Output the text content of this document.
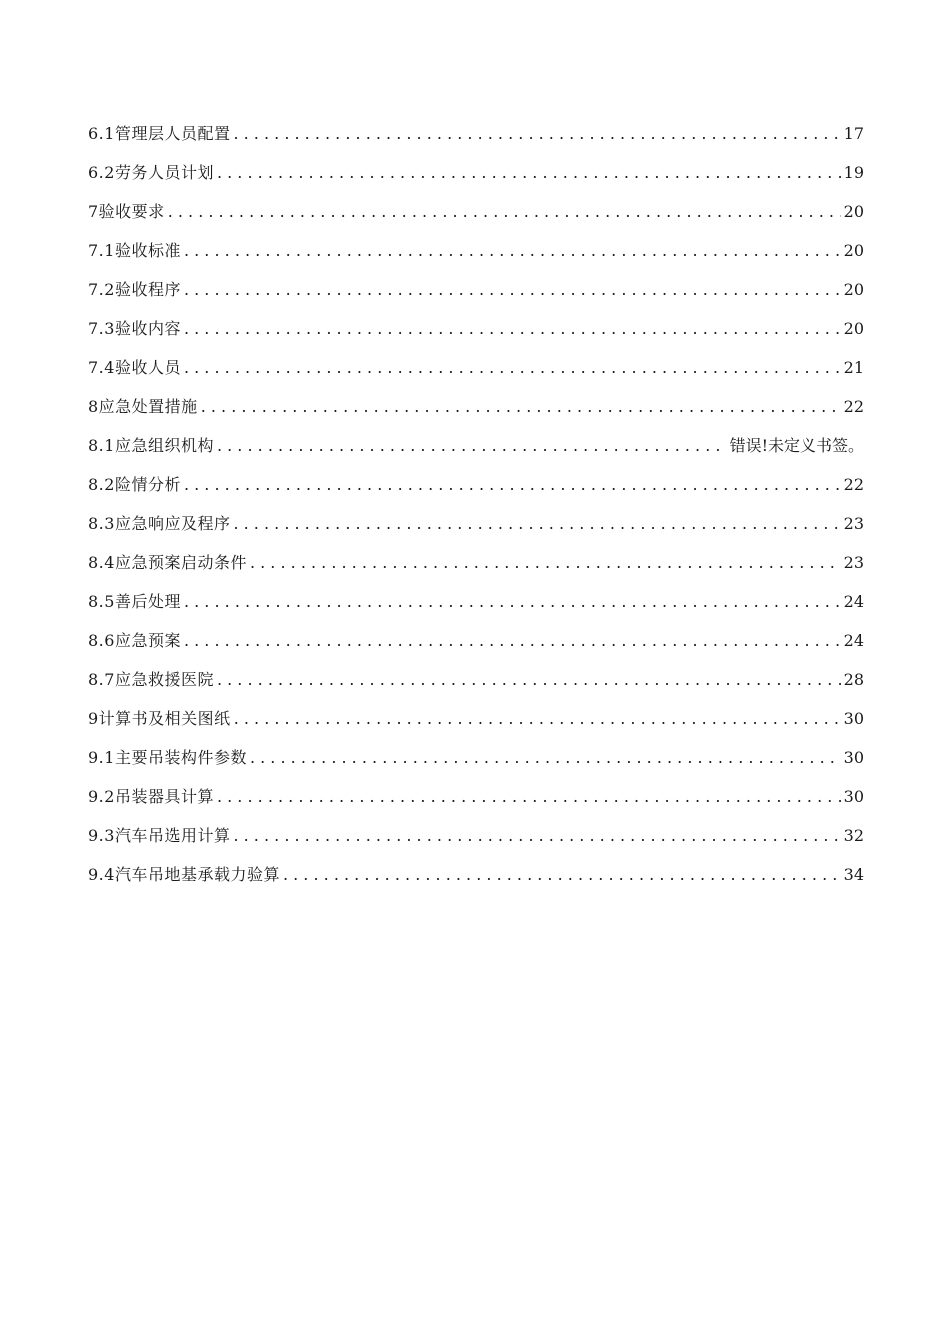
6.1管理层人员配置 . . .	17
6.2劳务人员计划 . . .	19
7验收要求 . . .	20
7.1验收标准 . . .	20
7.2验收程序 . . .	20
7.3验收内容 . . .	20
7.4验收人员 . . .	21
8应急处置措施 . . .	22
8.1应急组织机构 . . .	错误!未定义书签。
8.2险情分析 . . .	22
8.3应急响应及程序 . . .	23
8.4应急预案启动条件 . . .	23
8.5善后处理 . . .	24
8.6应急预案 . . .	24
8.7应急救援医院 . . .	28
9计算书及相关图纸 . . .	30
9.1主要吊装构件参数 . . .	30
9.2吊装器具计算 . . .	30
9.3汽车吊选用计算 . . .	32
9.4汽车吊地基承载力验算 . . .	34
